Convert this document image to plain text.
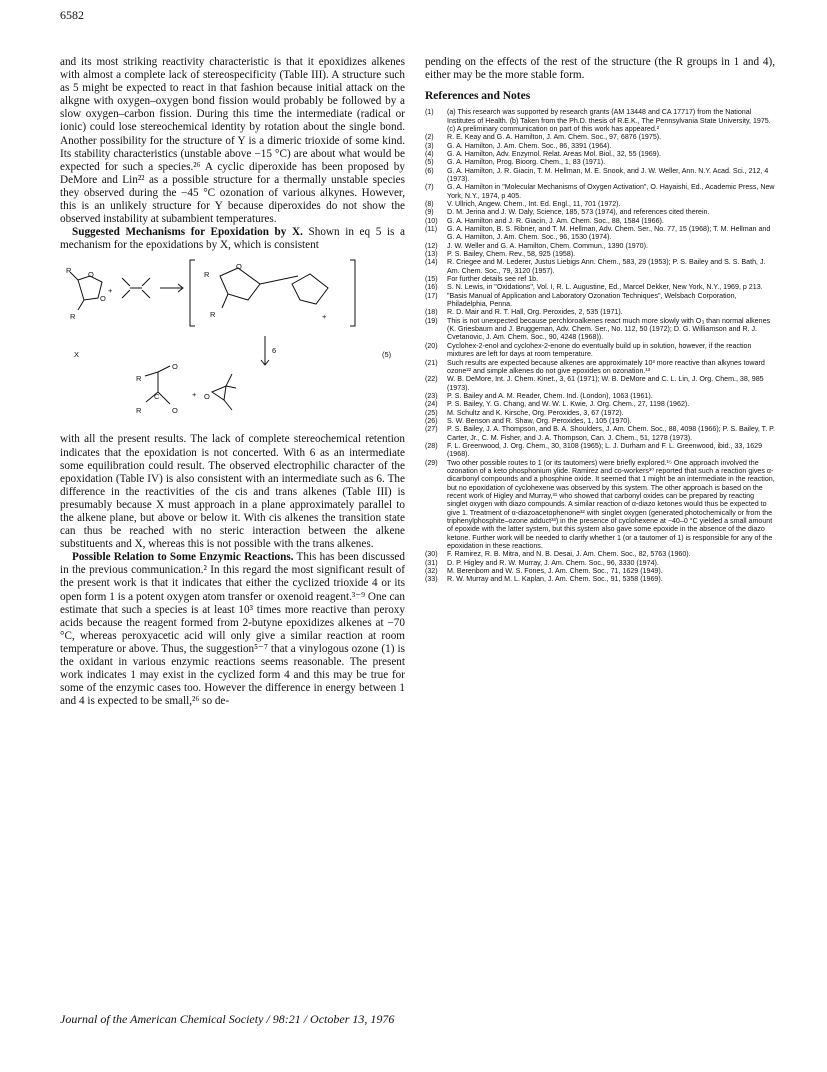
6582

and its most striking reactivity characteristic is that it epoxidizes alkenes with almost a complete lack of stereospecificity (Table III). A structure such as 5 might be expected to react in that fashion because initial attack on the alkgne with oxygen–oxygen bond fission would probably be followed by a slow oxygen–carbon fission. During this time the intermediate (radical or ionic) could lose stereochemical identity by rotation about the single bond. Another possibility for the structure of Y is a dimeric trioxide of some kind. Its stability characteristics (unstable above −15 °C) are about what would be expected for such a species.²⁶ A cyclic diperoxide has been proposed by DeMore and Lin²² as a possible structure for a thermally unstable species they observed during the −45 °C ozonation of various alkynes. However, this is an unlikely structure for Y because diperoxides do not show the observed instability at subambient temperatures.

Suggested Mechanisms for Epoxidation by X. Shown in eq 5 is a mechanism for the epoxidations by X, which is consistent

R O
O
R
+
X
R
O
R	+
6	(5)
R
O
C
R	O
+ O

with all the present results. The lack of complete stereochemical retention indicates that the epoxidation is not concerted. With 6 as an intermediate some equilibration could result. The observed electrophilic character of the epoxidation (Table IV) is also consistent with an intermediate such as 6. The difference in the reactivities of the cis and trans alkenes (Table III) is presumably because X must approach in a plane approximately parallel to the alkene plane, but above or below it. With cis alkenes the transition state can thus be reached with no steric interaction between the alkene substituents and X, whereas this is not possible with the trans alkenes.

Possible Relation to Some Enzymic Reactions. This has been discussed in the previous communication.² In this regard the most significant result of the present work is that it indicates that either the cyclized trioxide 4 or its open form 1 is a potent oxygen atom transfer or oxenoid reagent.³⁻⁹ One can estimate that such a species is at least 10³ times more reactive than peroxy acids because the reagent formed from 2-butyne epoxidizes alkenes at −70 °C, whereas peroxyacetic acid will only give a similar reaction at room temperature or above. Thus, the suggestion⁵⁻⁷ that a vinylogous ozone (1) is the oxidant in various enzymic reactions seems reasonable. The present work indicates 1 may exist in the cyclized form 4 and this may be true for some of the enzymic cases too. However the difference in energy between 1 and 4 is expected to be small,²⁶ so de-

pending on the effects of the rest of the structure (the R groups in 1 and 4), either may be the more stable form.

References and Notes
(1)	(a) This research was supported by research grants (AM 13448 and CA 17717) from the National Institutes of Health. (b) Taken from the Ph.D. thesis of R.E.K., The Pennsylvania State University, 1975. (c) A preliminary communication on part of this work has appeared.²
(2)	R. E. Keay and G. A. Hamilton, J. Am. Chem. Soc., 97, 6876 (1975).
(3)	G. A. Hamilton, J. Am. Chem. Soc., 86, 3391 (1964).
(4)	G. A. Hamilton, Adv. Enzymol. Relat. Areas Mol. Biol., 32, 55 (1969).
(5)	G. A. Hamilton, Prog. Bioorg. Chem., 1, 83 (1971).
(6)	G. A. Hamilton, J. R. Giacin, T. M. Hellman, M. E. Snook, and J. W. Weller, Ann. N.Y. Acad. Sci., 212, 4 (1973).
(7)	G. A. Hamilton in "Molecular Mechanisms of Oxygen Activation", O. Hayaishi, Ed., Academic Press, New York, N.Y., 1974, p 405.
(8)	V. Ullrich, Angew. Chem., Int. Ed. Engl., 11, 701 (1972).
(9)	D. M. Jerina and J. W. Daly, Science, 185, 573 (1974), and references cited therein.
(10)	G. A. Hamilton and J. R. Giacin, J. Am. Chem. Soc., 88, 1584 (1966).
(11)	G. A. Hamilton, B. S. Ribner, and T. M. Hellman, Adv. Chem. Ser., No. 77, 15 (1968); T. M. Hellman and G. A. Hamilton, J. Am. Chem. Soc., 96, 1530 (1974).
(12)	J. W. Weller and G. A. Hamilton, Chem. Commun., 1390 (1970).
(13)	P. S. Bailey, Chem. Rev., 58, 925 (1958).
(14)	R. Criegee and M. Lederer, Justus Liebigs Ann. Chem., 583, 29 (1953); P. S. Bailey and S. S. Bath, J. Am. Chem. Soc., 79, 3120 (1957).
(15)	For further details see ref 1b.
(16)	S. N. Lewis, in "Oxidations", Vol. I, R. L. Augustine, Ed., Marcel Dekker, New York, N.Y., 1969, p 213.
(17)	"Basis Manual of Application and Laboratory Ozonation Techniques", Welsbach Corporation, Philadelphia, Penna.
(18)	R. D. Mair and R. T. Hall, Org. Peroxides, 2, 535 (1971).
(19)	This is not unexpected because perchloroalkenes react much more slowly with O₃ than normal alkenes (K. Griesbaum and J. Bruggeman, Adv. Chem. Ser., No. 112, 50 (1972); D. G. Williamson and R. J. Cvetanovic, J. Am. Chem. Soc., 90, 4248 (1968)).
(20)	Cyclohex-2-enol and cyclohex-2-enone do eventually build up in solution, however, if the reaction mixtures are left for days at room temperature.
(21)	Such results are expected because alkenes are approximately 10³ more reactive than alkynes toward ozone²² and simple alkenes do not give epoxides on ozonation.¹³
(22)	W. B. DeMore, Int. J. Chem. Kinet., 3, 61 (1971); W. B. DeMore and C. L. Lin, J. Org. Chem., 38, 985 (1973).
(23)	P. S. Bailey and A. M. Reader, Chem. Ind. (London), 1063 (1961).
(24)	P. S. Bailey, Y. G. Chang, and W. W. L. Kwie, J. Org. Chem., 27, 1198 (1962).
(25)	M. Schultz and K. Kirsche, Org. Peroxides, 3, 67 (1972).
(26)	S. W. Benson and R. Shaw, Org. Peroxides, 1, 105 (1970).
(27)	P. S. Bailey, J. A. Thompson, and B. A. Shoulders, J. Am. Chem. Soc., 88, 4098 (1966); P. S. Bailey, T. P. Carter, Jr., C. M. Fisher, and J. A. Thompson, Can. J. Chem., 51, 1278 (1973).
(28)	F. L. Greenwood, J. Org. Chem., 30, 3108 (1965); L. J. Durham and F. L. Greenwood, ibid., 33, 1629 (1968).
(29)	Two other possible routes to 1 (or its tautomers) were briefly explored.¹⁵ One approach involved the ozonation of a keto phosphonium ylide. Ramirez and co-workers³⁰ reported that such a reaction gives α-dicarbonyl compounds and a phosphine oxide. It seemed that 1 might be an intermediate in the reaction, but no epoxidation of cyclohexene was observed by this system. The other approach is based on the recent work of Higley and Murray,³¹ who showed that carbonyl oxides can be prepared by reacting singlet oxygen with diazo compounds. A similar reaction of α-diazo ketones would thus be expected to give 1. Treatment of α-diazoacetophenone³² with singlet oxygen (generated photochemically or from the triphenylphosphite–ozone adduct³³) in the presence of cyclohexene at −40–0 °C yielded a small amount of epoxide with the latter system, but this system also gave some epoxide in the absence of the diazo ketone. Further work will be needed to clarify whether 1 (or a tautomer of 1) is responsible for any of the epoxidation in these reactions.
(30)	F. Ramirez, R. B. Mitra, and N. B. Desai, J. Am. Chem. Soc., 82, 5763 (1960).
(31)	D. P. Higley and R. W. Murray, J. Am. Chem. Soc., 96, 3330 (1974).
(32)	M. Berenbom and W. S. Fones, J. Am. Chem. Soc., 71, 1629 (1949).
(33)	R. W. Murray and M. L. Kaplan, J. Am. Chem. Soc., 91, 5358 (1969).
Journal of the American Chemical Society / 98:21 / October 13, 1976
